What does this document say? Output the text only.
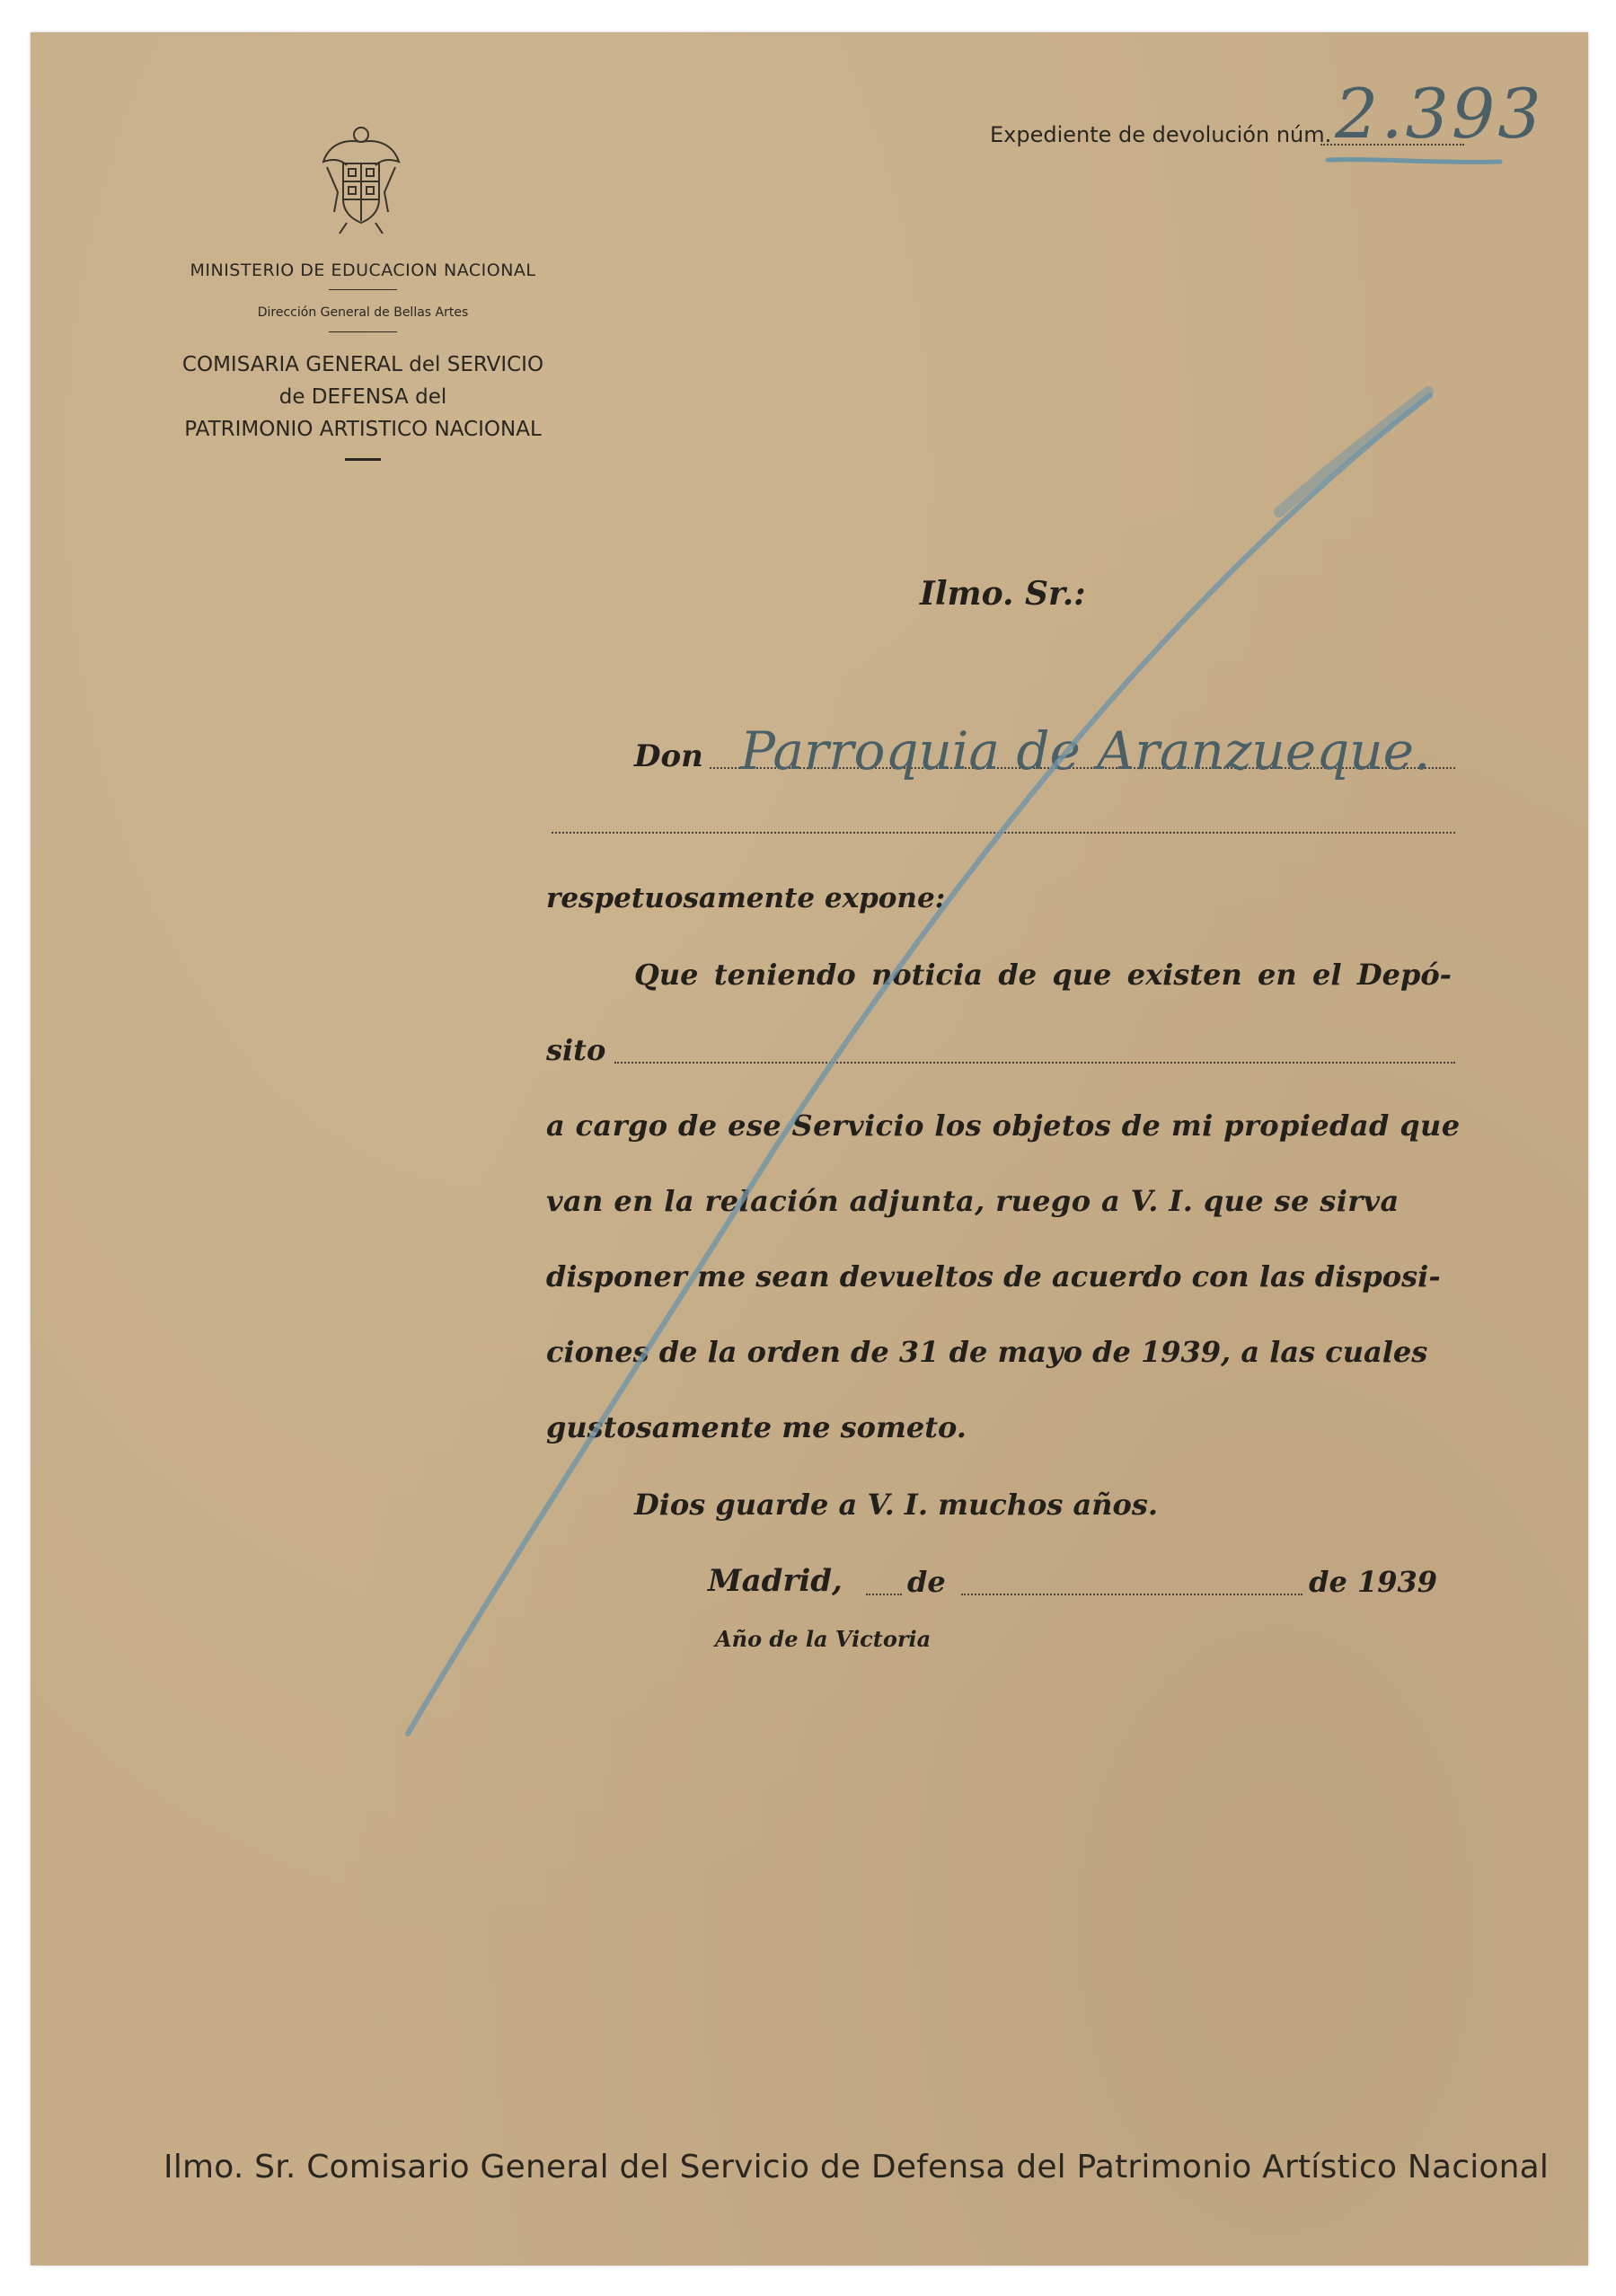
MINISTERIO DE EDUCACION NACIONAL
Dirección General de Bellas Artes
COMISARIA GENERAL del SERVICIO
de DEFENSA del
PATRIMONIO ARTISTICO NACIONAL
Expediente de devolución núm. 2.393
Ilmo. Sr.:
Don Parroquia de Aranzueque.
respetuosamente expone:
Que teniendo noticia de que existen en el Depó-
sito
a cargo de ese Servicio los objetos de mi propiedad que
van en la relación adjunta, ruego a V. I. que se sirva
disponer me sean devueltos de acuerdo con las disposi-
ciones de la orden de 31 de mayo de 1939, a las cuales
gustosamente me someto.
Dios guarde a V. I. muchos años.
Madrid, de	de 1939
Año de la Victoria
Ilmo. Sr. Comisario General del Servicio de Defensa del Patrimonio Artístico Nacional
